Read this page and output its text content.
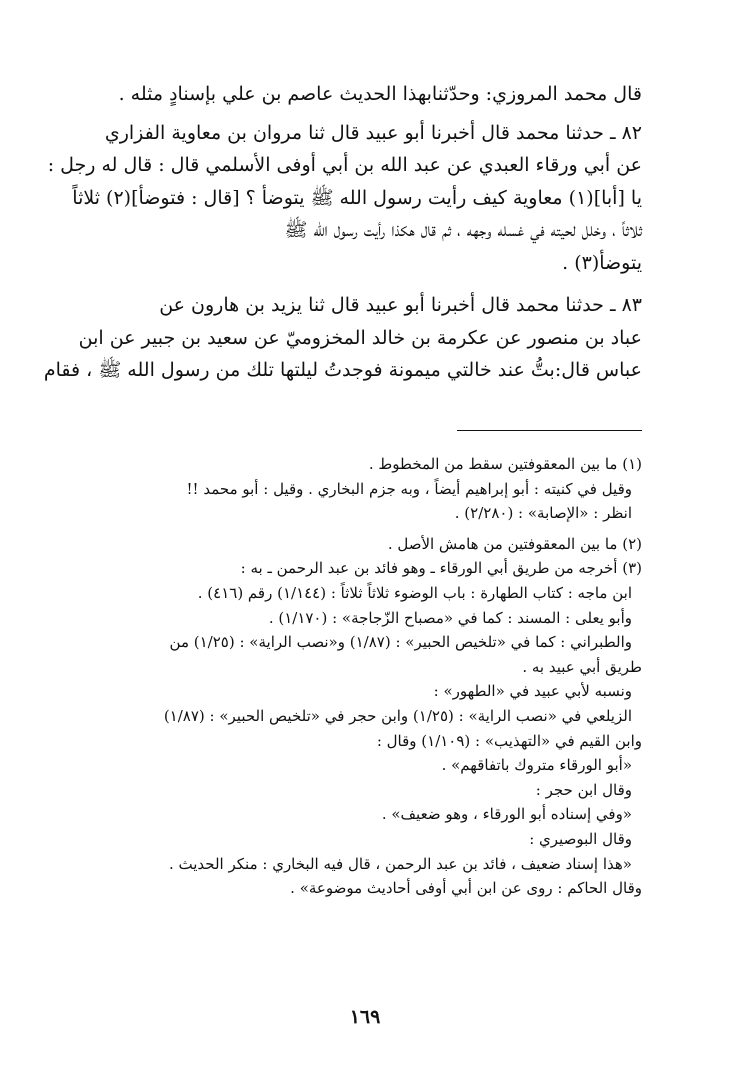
قال محمد المروزي: وحدّثنابهذا الحديث عاصم بن علي بإسنادٍ مثله .

٨٢ ـ حدثنا محمد قال أخبرنا أبو عبيد قال ثنا مروان بن معاوية الفزاري
عن أبي ورقاء العبدي عن عبد الله بن أبي أوفى الأسلمي قال : قال له رجل :
يا [أبا](١) معاوية كيف رأيت رسول الله ﷺ يتوضأ ؟ [قال : فتوضأ](٢) ثلاثاً
ثلاثاً ، وخلل لحيته في غسله وجهه ، ثم قال هكذا رأيت رسول الله ﷺ
يتوضأ(٣) .

٨٣ ـ حدثنا محمد قال أخبرنا أبو عبيد قال ثنا يزيد بن هارون عن
عباد بن منصور عن عكرمة بن خالد المخزوميّ عن سعيد بن جبير عن ابن
عباس قال:بتُّ عند خالتي ميمونة فوجدتُ ليلتها تلك من رسول الله ﷺ ، فقام

(١) ما بين المعقوفتين سقط من المخطوط .
وقيل في كنيته : أبو إبراهيم أيضاً ، وبه جزم البخاري . وقيل : أبو محمد !!
انظر : «الإصابة» : (٢/٢٨٠) .
(٢) ما بين المعقوفتين من هامش الأصل .
(٣) أخرجه من طريق أبي الورقاء ـ وهو فائد بن عبد الرحمن ـ به :
ابن ماجه : كتاب الطهارة : باب الوضوء ثلاثاً ثلاثاً : (١/١٤٤) رقم (٤١٦) .
وأبو يعلى : المسند : كما في «مصباح الزّجاجة» : (١/١٧٠) .
والطبراني : كما في «تلخيص الحبير» : (١/٨٧) و«نصب الراية» : (١/٢٥) من
طريق أبي عبيد به .
ونسبه لأبي عبيد في «الطهور» :
الزيلعي في «نصب الراية» : (١/٢٥) وابن حجر في «تلخيص الحبير» : (١/٨٧)
وابن القيم في «التهذيب» : (١/١٠٩) وقال :
«أبو الورقاء متروك باتفاقهم» .
وقال ابن حجر :
«وفي إسناده أبو الورقاء ، وهو ضعيف» .
وقال البوصيري :
«هذا إسناد ضعيف ، فائد بن عبد الرحمن ، قال فيه البخاري : منكر الحديث .
وقال الحاكم : روى عن ابن أبي أوفى أحاديث موضوعة» .
١٦٩
